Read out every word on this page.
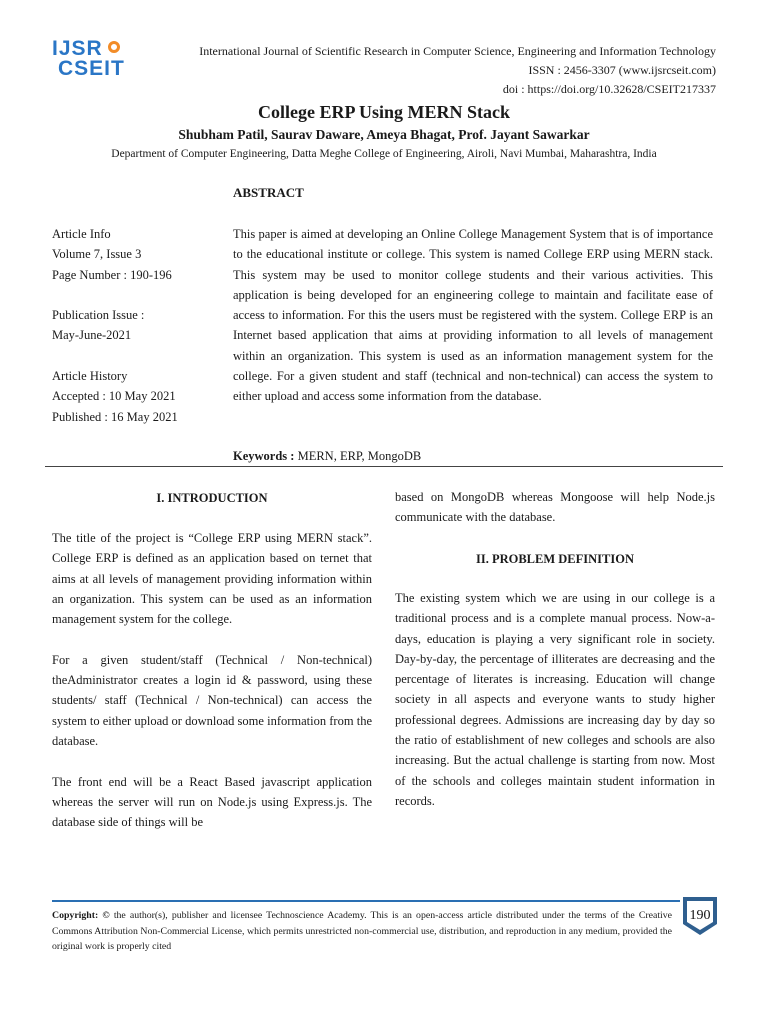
IJSR
CSEIT
International Journal of Scientific Research in Computer Science, Engineering and Information Technology
ISSN : 2456-3307 (www.ijsrcseit.com)
doi : https://doi.org/10.32628/CSEIT217337
College ERP Using MERN Stack
Shubham Patil, Saurav Daware, Ameya Bhagat, Prof. Jayant Sawarkar
Department of Computer Engineering, Datta Meghe College of Engineering, Airoli, Navi Mumbai, Maharashtra, India
ABSTRACT
Article Info
Volume 7, Issue 3
Page Number : 190-196
Publication Issue :
May-June-2021
Article History
Accepted : 10 May 2021
Published : 16 May 2021
This paper is aimed at developing an Online College Management System that is of importance to the educational institute or college. This system is named College ERP using MERN stack. This system may be used to monitor college students and their various activities. This application is being developed for an engineering college to maintain and facilitate ease of access to information. For this the users must be registered with the system. College ERP is an Internet based application that aims at providing information to all levels of management within an organization. This system is used as an information management system for the college. For a given student and staff (technical and non-technical) can access the system to either upload and access some information from the database.
Keywords : MERN, ERP, MongoDB
I. INTRODUCTION

The title of the project is “College ERP using MERN stack”. College ERP is defined as an application based on ternet that aims at all levels of management providing information within an organization. This system can be used as an information management system for the college.

For a given student/staff (Technical / Non-technical) theAdministrator creates a login id & password, using these students/ staff (Technical / Non-technical) can access the system to either upload or download some information from the database.

The front end will be a React Based javascript application whereas the server will run on Node.js using Express.js. The database side of things will be

based on MongoDB whereas Mongoose will help Node.js communicate with the database.

II. PROBLEM DEFINITION

The existing system which we are using in our college is a traditional process and is a complete manual process. Now-a-days, education is playing a very significant role in society. Day-by-day, the percentage of illiterates are decreasing and the percentage of literates is increasing. Education will change society in all aspects and everyone wants to study higher professional degrees. Admissions are increasing day by day so the ratio of establishment of new colleges and schools are also increasing. But the actual challenge is starting from now. Most of the schools and colleges maintain student information in records.

Copyright: © the author(s), publisher and licensee Technoscience Academy. This is an open-access article distributed under the terms of the Creative Commons Attribution Non-Commercial License, which permits unrestricted non-commercial use, distribution, and reproduction in any medium, provided the original work is properly cited
190
